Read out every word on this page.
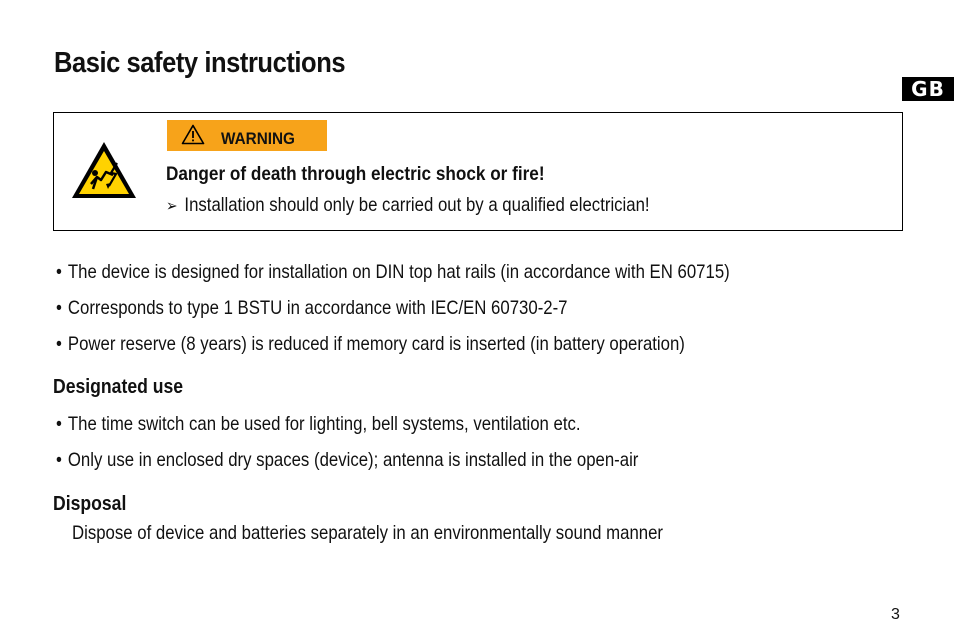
Basic safety instructions
GB
WARNING
Danger of death through electric shock or fire!
➢ Installation should only be carried out by a qualified electrician!
• The device is designed for installation on DIN top hat rails (in accordance with EN 60715)
• Corresponds to type 1 BSTU in accordance with IEC/EN 60730-2-7
• Power reserve (8 years) is reduced if memory card is inserted (in battery operation)
Designated use
• The time switch can be used for lighting, bell systems, ventilation etc.
• Only use in enclosed dry spaces (device); antenna is installed in the open-air
Disposal
Dispose of device and batteries separately in an environmentally sound manner
3
